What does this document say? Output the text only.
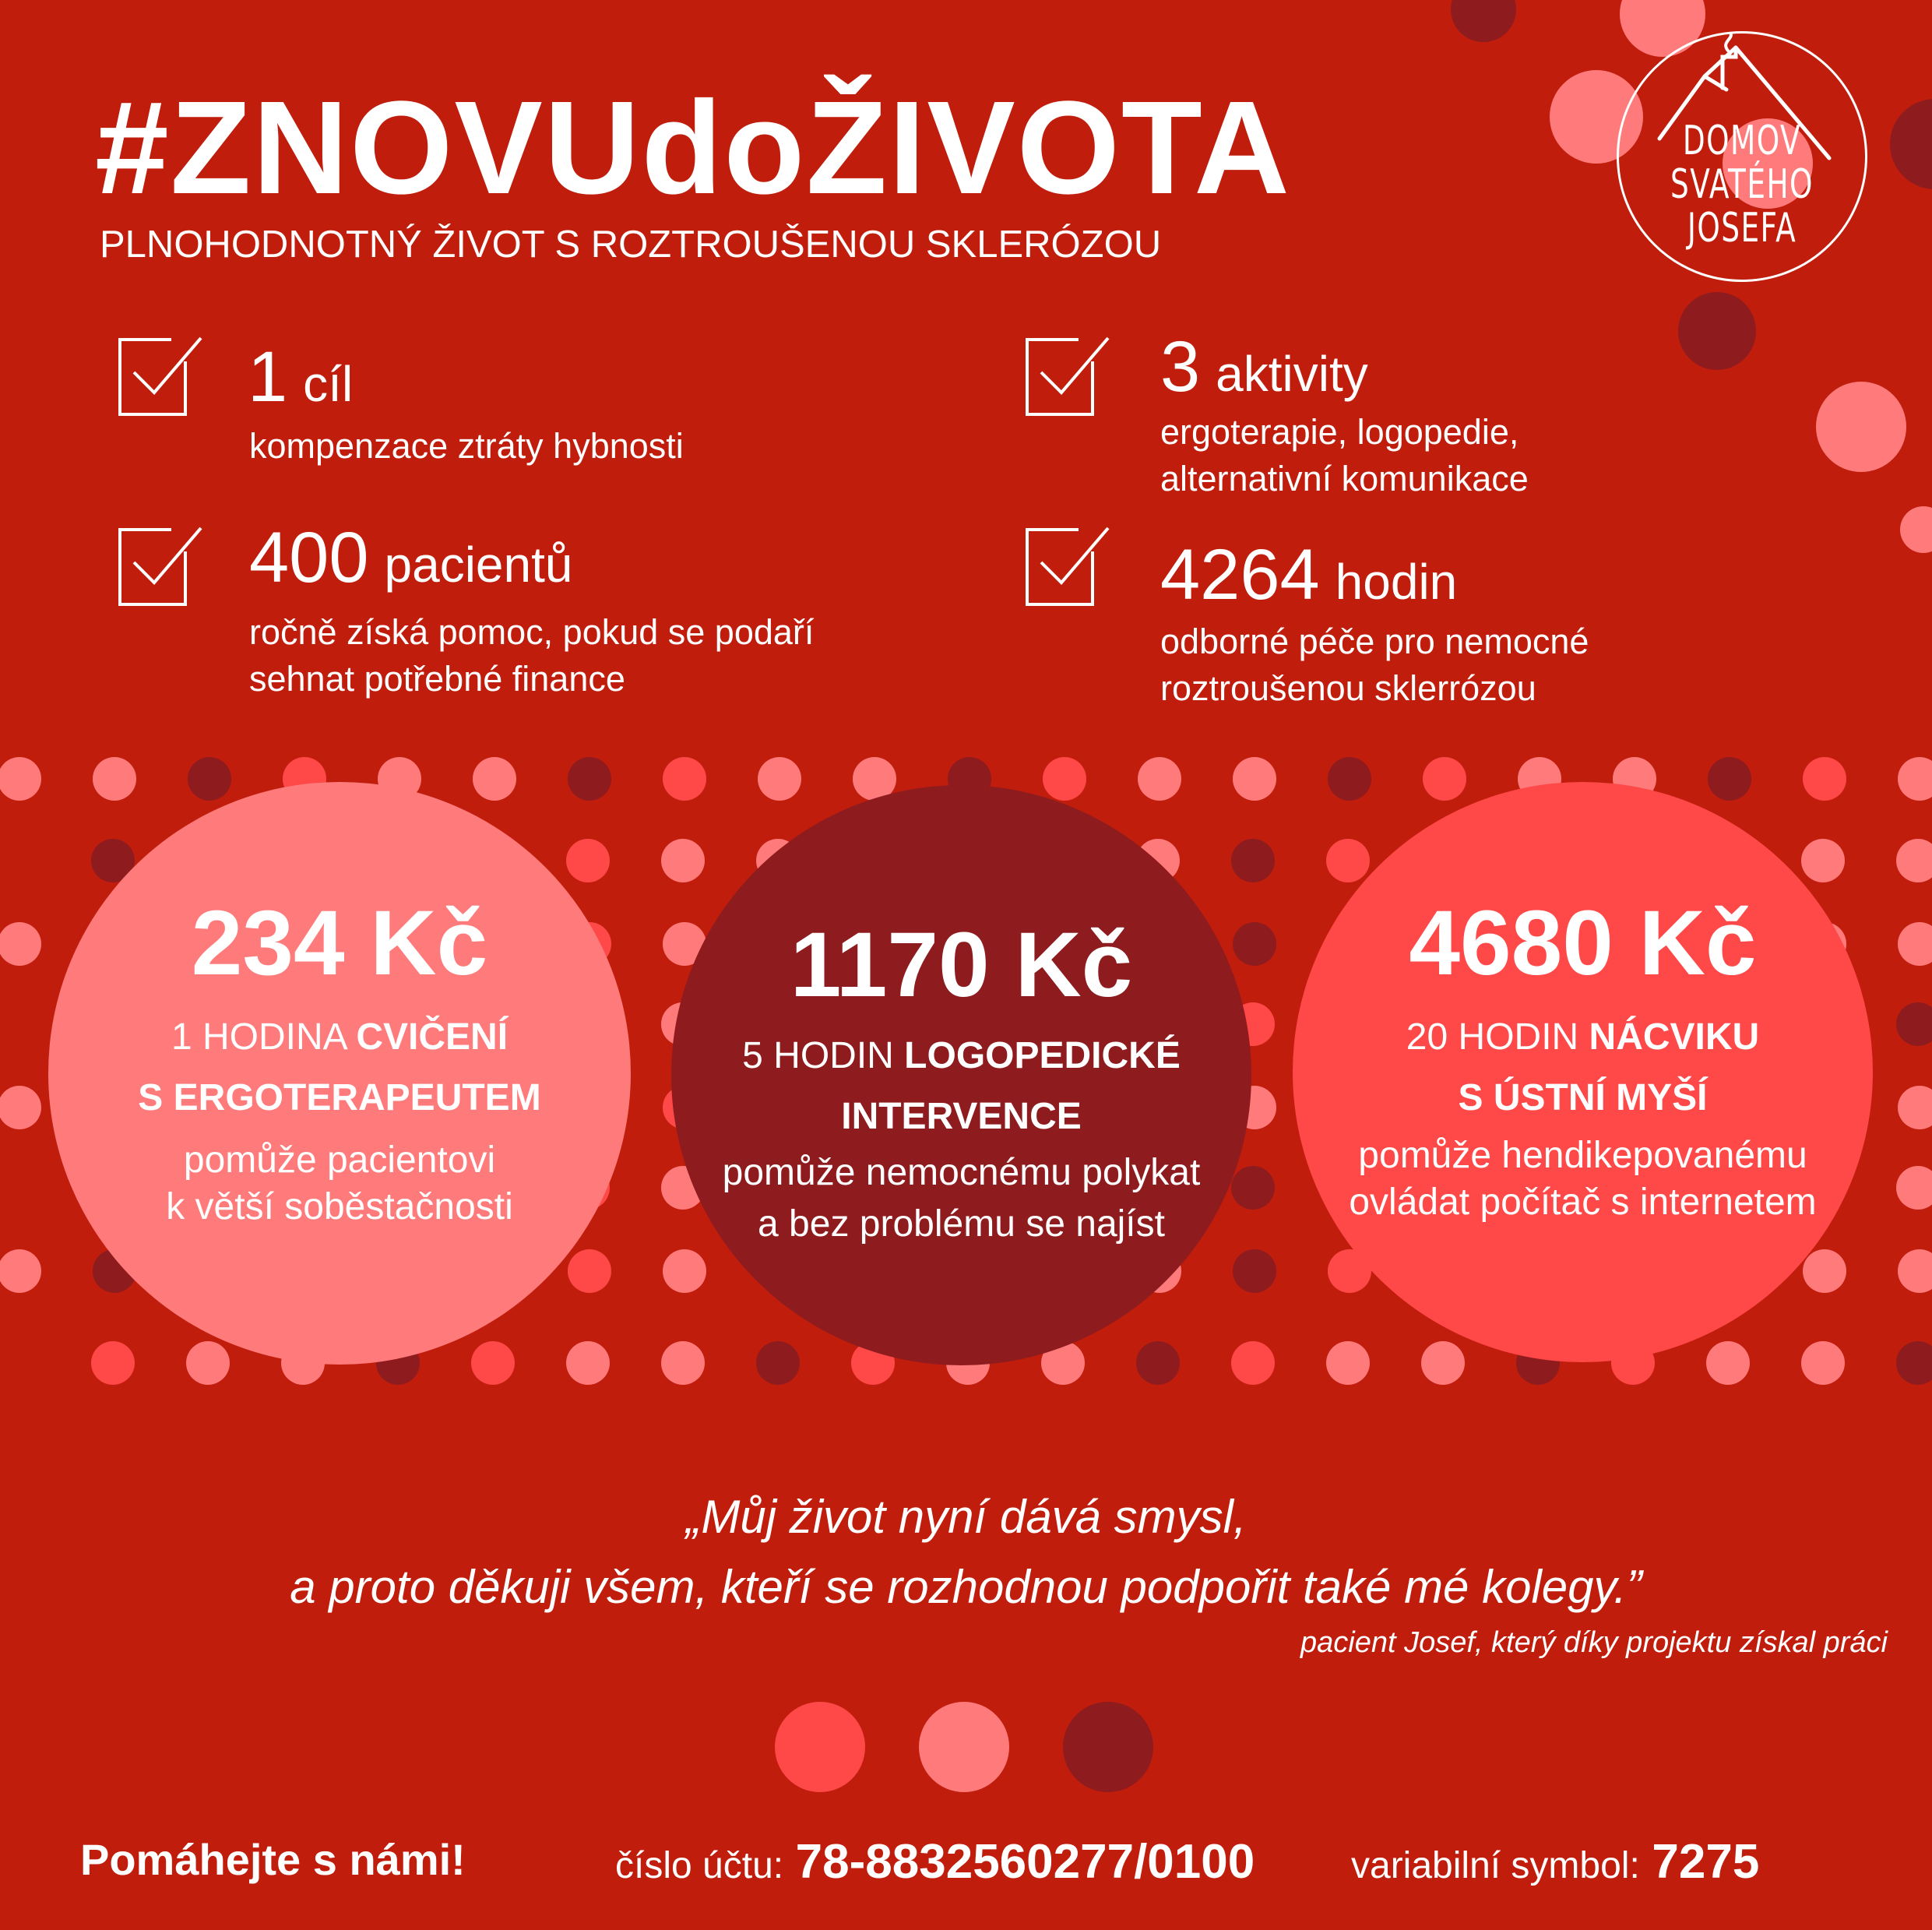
#ZNOVUdoŽIVOTA
PLNOHODNOTNÝ ŽIVOT S ROZTROUŠENOU SKLERÓZOU
DOMOV
SVATÉHO
JOSEFA
1 cíl
kompenzace ztráty hybnosti
3 aktivity
ergoterapie, logopedie,
alternativní komunikace
400 pacientů
ročně získá pomoc, pokud se podaří
sehnat potřebné finance
4264 hodin
odborné péče pro nemocné
roztroušenou sklerrózou
234 Kč
1 HODINA CVIČENÍ
S ERGOTERAPEUTEM
pomůže pacientovi
k větší soběstačnosti
1170 Kč
5 HODIN LOGOPEDICKÉ
INTERVENCE
pomůže nemocnému polykat
a bez problému se najíst
4680 Kč
20 HODIN NÁCVIKU
S ÚSTNÍ MYŠÍ
pomůže hendikepovanému
ovládat počítač s internetem
„Můj život nyní dává smysl,
a proto děkuji všem, kteří se rozhodnou podpořit také mé kolegy.”
pacient Josef, který díky projektu získal práci
Pomáhejte s námi!	číslo účtu: 78-8832560277/0100	variabilní symbol: 7275
